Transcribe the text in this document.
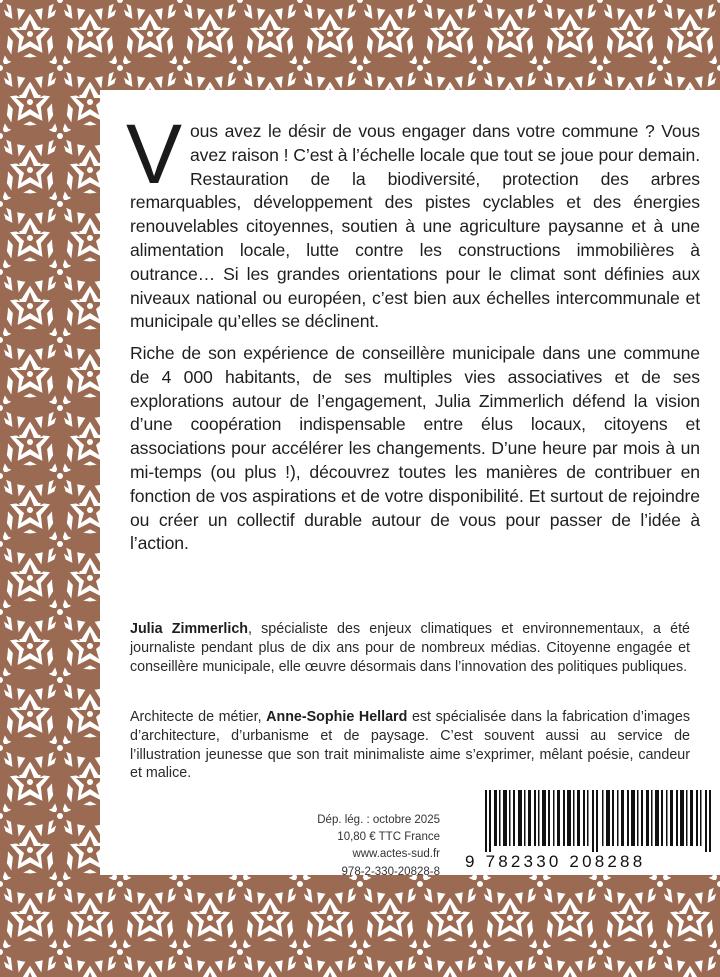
Vous avez le désir de vous engager dans votre commune ? Vous avez raison ! C’est à l’échelle locale que tout se joue pour demain. Restauration de la biodiversité, protection des arbres remarquables, développement des pistes cyclables et des énergies renouvelables citoyennes, soutien à une agriculture paysanne et à une alimentation locale, lutte contre les constructions immobilières à outrance… Si les grandes orientations pour le climat sont définies aux niveaux national ou européen, c’est bien aux échelles intercommunale et municipale qu’elles se déclinent.
Riche de son expérience de conseillère municipale dans une commune de 4 000 habitants, de ses multiples vies associatives et de ses explorations autour de l’engagement, Julia Zimmerlich défend la vision d’une coopération indispensable entre élus locaux, citoyens et associations pour accélérer les changements. D’une heure par mois à un mi-temps (ou plus !), découvrez toutes les manières de contribuer en fonction de vos aspirations et de votre disponibilité. Et surtout de rejoindre ou créer un collectif durable autour de vous pour passer de l’idée à l’action.
Julia Zimmerlich, spécialiste des enjeux climatiques et environnementaux, a été journaliste pendant plus de dix ans pour de nombreux médias. Citoyenne engagée et conseillère municipale, elle œuvre désormais dans l’innovation des politiques publiques.
Architecte de métier, Anne-Sophie Hellard est spécialisée dans la fabrication d’images d’architecture, d’urbanisme et de paysage. C’est souvent aussi au service de l’illustration jeunesse que son trait minimaliste aime s’exprimer, mêlant poésie, candeur et malice.
Dép. lég. : octobre 2025
10,80 € TTC France
www.actes-sud.fr
978-2-330-20828-8
9 782330 208288
